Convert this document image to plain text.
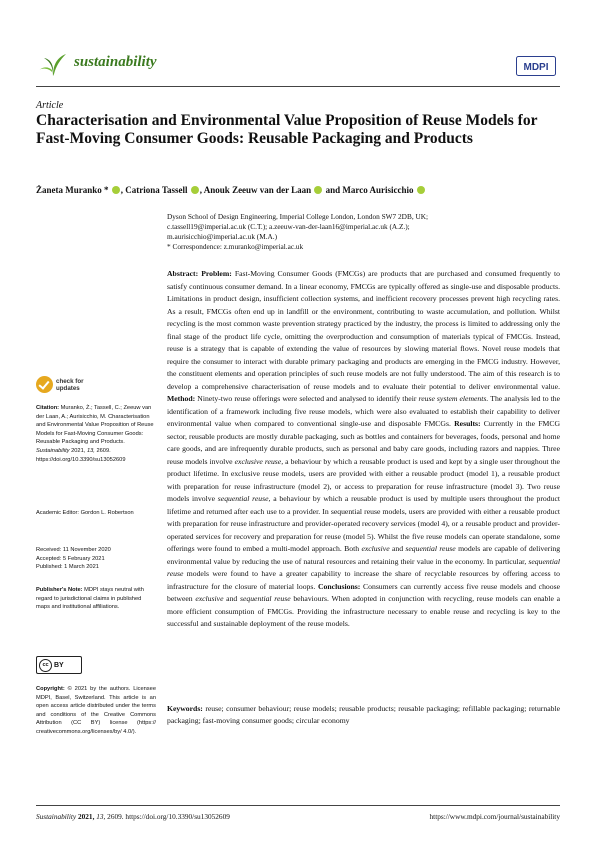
sustainability	MDPI
Article
Characterisation and Environmental Value Proposition of Reuse Models for Fast-Moving Consumer Goods: Reusable Packaging and Products
Żaneta Muranko * , Catriona Tassell , Anouk Zeeuw van der Laan and Marco Aurisicchio
Dyson School of Design Engineering, Imperial College London, London SW7 2DB, UK;
c.tassell19@imperial.ac.uk (C.T.); a.zeeuw-van-der-laan16@imperial.ac.uk (A.Z.);
m.aurisicchio@imperial.ac.uk (M.A.)
* Correspondence: z.muranko@imperial.ac.uk

Abstract: Problem: Fast-Moving Consumer Goods (FMCGs) are products that are purchased and consumed frequently to satisfy continuous consumer demand. In a linear economy, FMCGs are typically offered as single-use and disposable products. Limitations in product design, insufficient collection systems, and inefficient recovery processes prevent high recycling rates. As a result, FMCGs often end up in landfill or the environment, contributing to waste accumulation, and pollution. Whilst recycling is the most common waste prevention strategy practiced by the industry, the process is limited to addressing only the final stage of the product life cycle, omitting the overproduction and consumption of materials typical of FMCGs. Instead, reuse is a strategy that is capable of extending the value of resources by slowing material flows. Novel reuse models that require the consumer to interact with durable primary packaging and products are emerging in the FMCG industry. However, the constituent elements and operation principles of such reuse models are not fully understood. The aim of this research is to develop a comprehensive characterisation of reuse models and to evaluate their potential to deliver environmental value. Method: Ninety-two reuse offerings were selected and analysed to identify their reuse system elements. The analysis led to the identification of a framework including five reuse models, which were also evaluated to establish their capability to deliver environmental value when compared to conventional single-use and disposable FMCGs. Results: Currently in the FMCG sector, reusable products are mostly durable packaging, such as bottles and containers for beverages, foods, personal and home care goods, and are infrequently durable products, such as personal and baby care goods, including razors and nappies. Three reuse models involve exclusive reuse, a behaviour by which a reusable product is used and kept by a single user throughout the product lifetime. In exclusive reuse models, users are provided with either a reusable product (model 1), a reusable product with preparation for reuse infrastructure (model 2), or access to preparation for reuse infrastructure (model 3). Two reuse models involve sequential reuse, a behaviour by which a reusable product is used by multiple users throughout the product lifetime and returned after each use to a provider. In sequential reuse models, users are provided with either a reusable product with preparation for reuse infrastructure and provider-operated recovery services (model 4), or a reusable product and provider-operated services for recovery and preparation for reuse (model 5). Whilst the five reuse models can operate standalone, some offerings were found to embed a multi-model approach. Both exclusive and sequential reuse models are capable of delivering environmental value by reducing the use of natural resources and retaining their value in the economy. In particular, sequential reuse models were found to have a greater capability to increase the share of recyclable resources by offering access to infrastructure for the closure of material loops. Conclusions: Consumers can currently access five reuse models and choose between exclusive and sequential reuse behaviours. When adopted in conjunction with recycling, reuse models can enable a more efficient consumption of FMCGs. Providing the infrastructure necessary to enable reuse and recycling is key to the successful and sustainable deployment of the reuse models.

Keywords: reuse; consumer behaviour; reuse models; reusable products; reusable packaging; refillable packaging; returnable packaging; fast-moving consumer goods; circular economy

check for
updates
Citation: Muranko, Ż.; Tassell, C.; Zeeuw van der Laan, A.; Aurisicchio, M. Characterisation and Environmental Value Proposition of Reuse Models for Fast-Moving Consumer Goods: Reusable Packaging and Products. Sustainability 2021, 13, 2609. https://doi.org/10.3390/su13052609
Academic Editor: Gordon L. Robertson
Received: 11 November 2020
Accepted: 5 February 2021
Published: 1 March 2021
Publisher's Note: MDPI stays neutral with regard to jurisdictional claims in published maps and institutional affiliations.
cc BY
Copyright: © 2021 by the authors. Licensee MDPI, Basel, Switzerland. This article is an open access article distributed under the terms and conditions of the Creative Commons Attribution (CC BY) license (https:// creativecommons.org/licenses/by/ 4.0/).
Sustainability 2021, 13, 2609. https://doi.org/10.3390/su13052609	https://www.mdpi.com/journal/sustainability
